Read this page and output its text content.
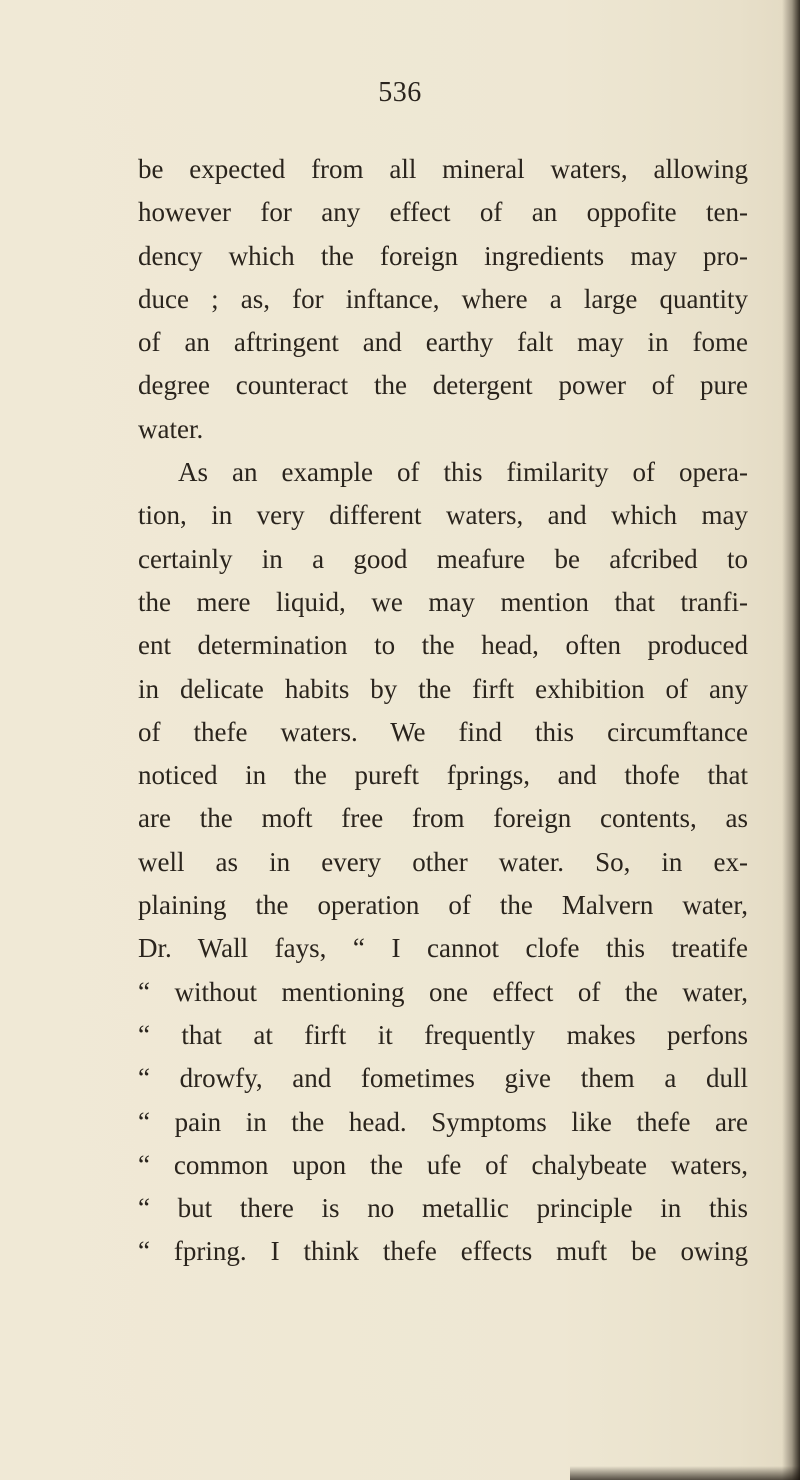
536
be expected from all mineral waters, allowing
however for any effect of an oppofite ten-
dency which the foreign ingredients may pro-
duce ; as, for inftance, where a large quantity
of an aftringent and earthy falt may in fome
degree counteract the detergent power of pure
water.
As an example of this fimilarity of opera-
tion, in very different waters, and which may
certainly in a good meafure be afcribed to
the mere liquid, we may mention that tranfi-
ent determination to the head, often produced
in delicate habits by the firft exhibition of any
of thefe waters. We find this circumftance
noticed in the pureft fprings, and thofe that
are the moft free from foreign contents, as
well as in every other water. So, in ex-
plaining the operation of the Malvern water,
Dr. Wall fays, “ I cannot clofe this treatife
“ without mentioning one effect of the water,
“ that at firft it frequently makes perfons
“ drowfy, and fometimes give them a dull
“ pain in the head. Symptoms like thefe are
“ common upon the ufe of chalybeate waters,
“ but there is no metallic principle in this
“ fpring. I think thefe effects muft be owing
